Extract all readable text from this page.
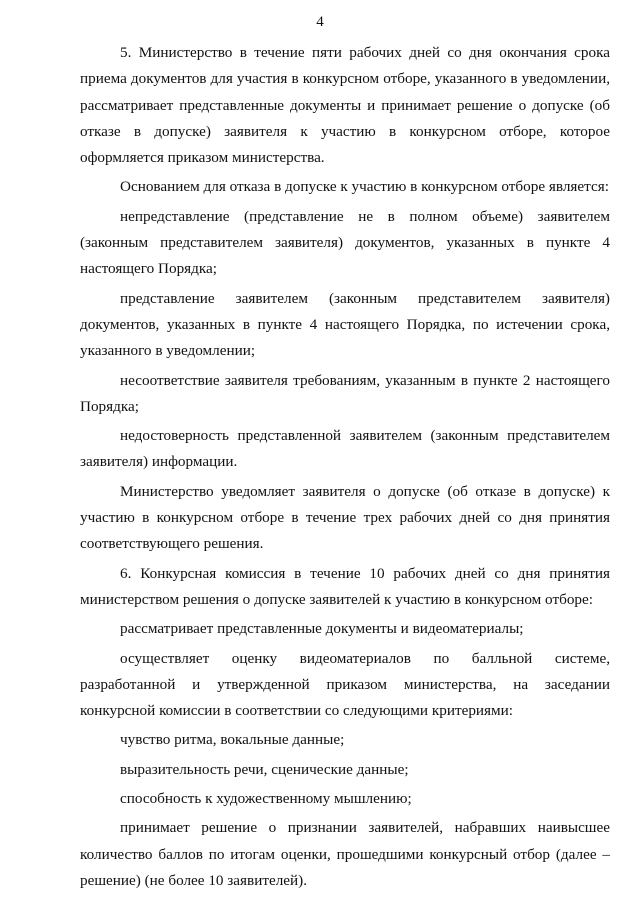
4

5. Министерство в течение пяти рабочих дней со дня окончания срока приема документов для участия в конкурсном отборе, указанного в уведомлении, рассматривает представленные документы и принимает решение о допуске (об отказе в допуске) заявителя к участию в конкурсном отборе, которое оформляется приказом министерства.

Основанием для отказа в допуске к участию в конкурсном отборе является:

непредставление (представление не в полном объеме) заявителем (законным представителем заявителя) документов, указанных в пункте 4 настоящего Порядка;

представление заявителем (законным представителем заявителя) документов, указанных в пункте 4 настоящего Порядка, по истечении срока, указанного в уведомлении;

несоответствие заявителя требованиям, указанным в пункте 2 настоящего Порядка;

недостоверность представленной заявителем (законным представителем заявителя) информации.

Министерство уведомляет заявителя о допуске (об отказе в допуске) к участию в конкурсном отборе в течение трех рабочих дней со дня принятия соответствующего решения.

6. Конкурсная комиссия в течение 10 рабочих дней со дня принятия министерством решения о допуске заявителей к участию в конкурсном отборе:

рассматривает представленные документы и видеоматериалы;

осуществляет оценку видеоматериалов по балльной системе, разработанной и утвержденной приказом министерства, на заседании конкурсной комиссии в соответствии со следующими критериями:

чувство ритма, вокальные данные;

выразительность речи, сценические данные;

способность к художественному мышлению;

принимает решение о признании заявителей, набравших наивысшее количество баллов по итогам оценки, прошедшими конкурсный отбор (далее – решение) (не более 10 заявителей).
